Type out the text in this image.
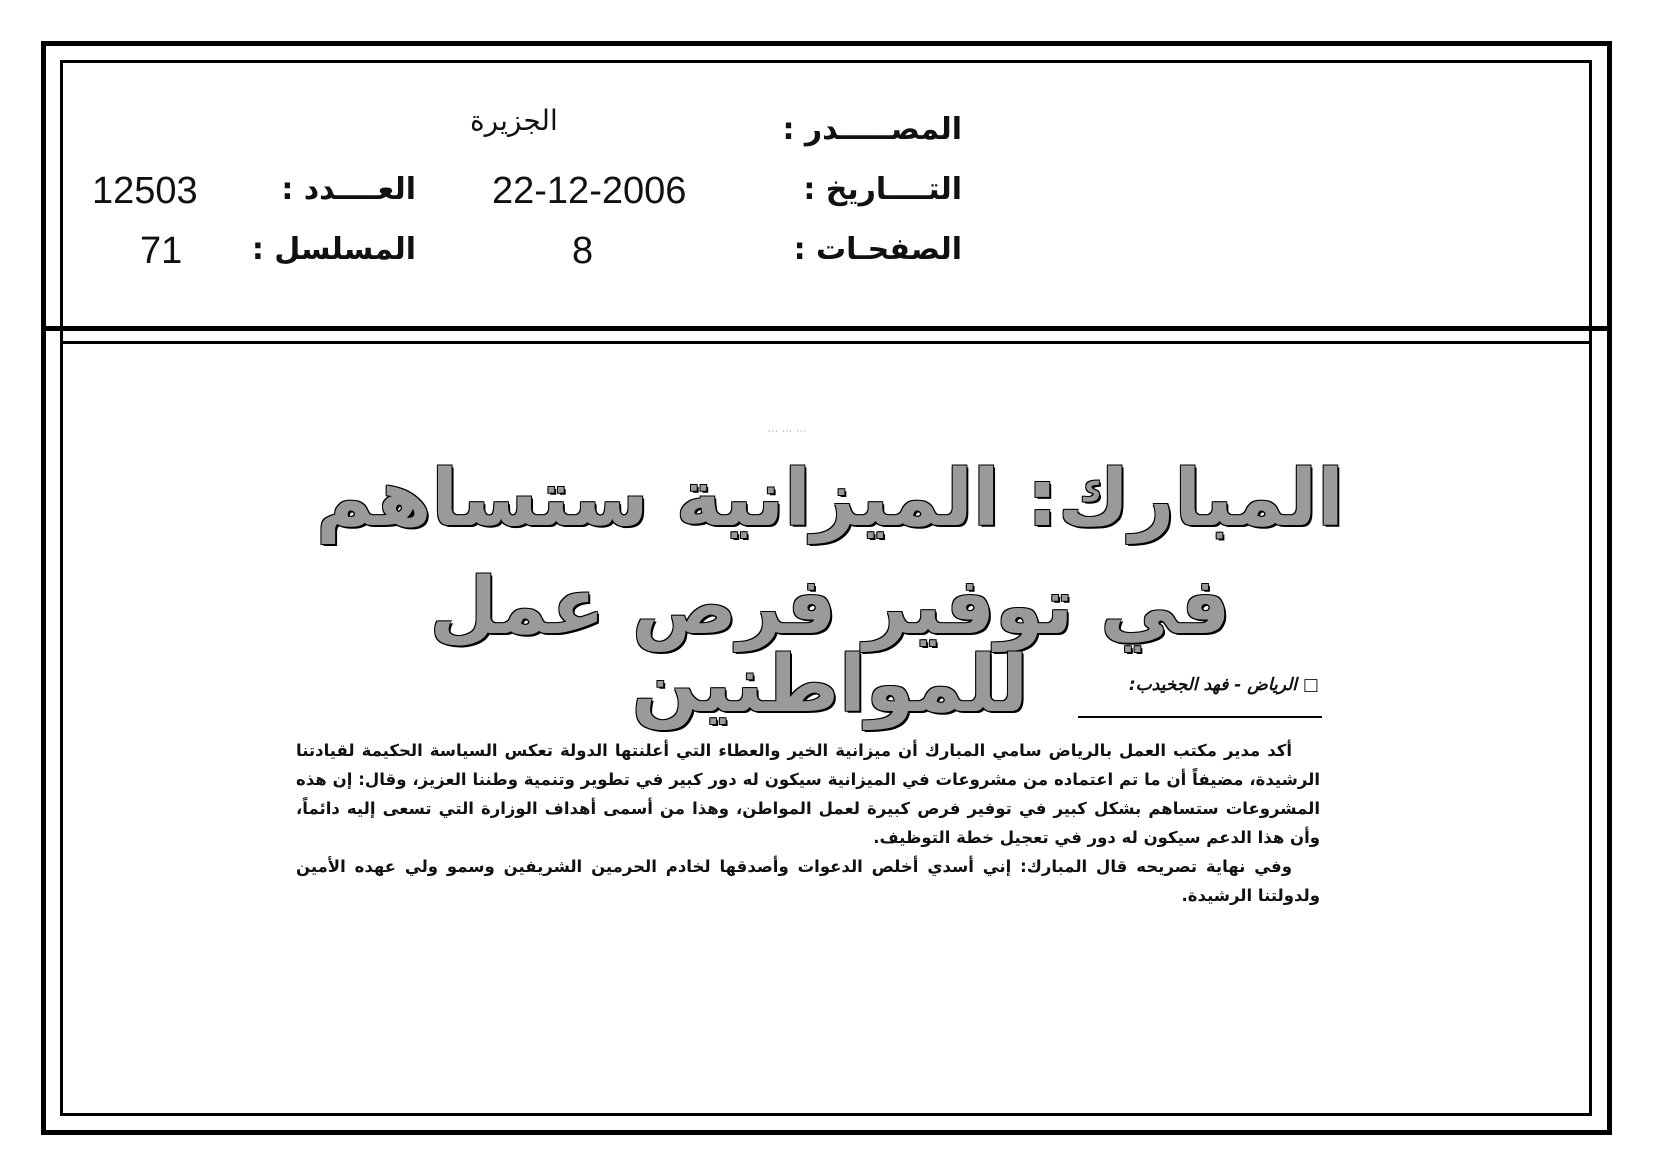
المصـــــدر :
الجزيرة
التــــاريخ :
22-12-2006
العــــدد :
12503
الصفحـات :
8
المسلسل :
71
··· ··· ···
المبارك: الميزانية ستساهم
في توفير فرص عمل للمواطنين	□ الرياض - فهد الجخيدب:

أكد مدير مكتب العمل بالرياض سامي المبارك أن ميزانية الخير والعطاء التي أعلنتها الدولة تعكس السياسة الحكيمة لقيادتنا الرشيدة، مضيفاً أن ما تم اعتماده من مشروعات في الميزانية سيكون له دور كبير في تطوير وتنمية وطننا العزيز، وقال: إن هذه المشروعات ستساهم بشكل كبير في توفير فرص كبيرة لعمل المواطن، وهذا من أسمى أهداف الوزارة التي تسعى إليه دائماً، وأن هذا الدعم سيكون له دور في تعجيل خطة التوظيف.

وفي نهاية تصريحه قال المبارك: إني أسدي أخلص الدعوات وأصدقها لخادم الحرمين الشريفين وسمو ولي عهده الأمين ولدولتنا الرشيدة.
